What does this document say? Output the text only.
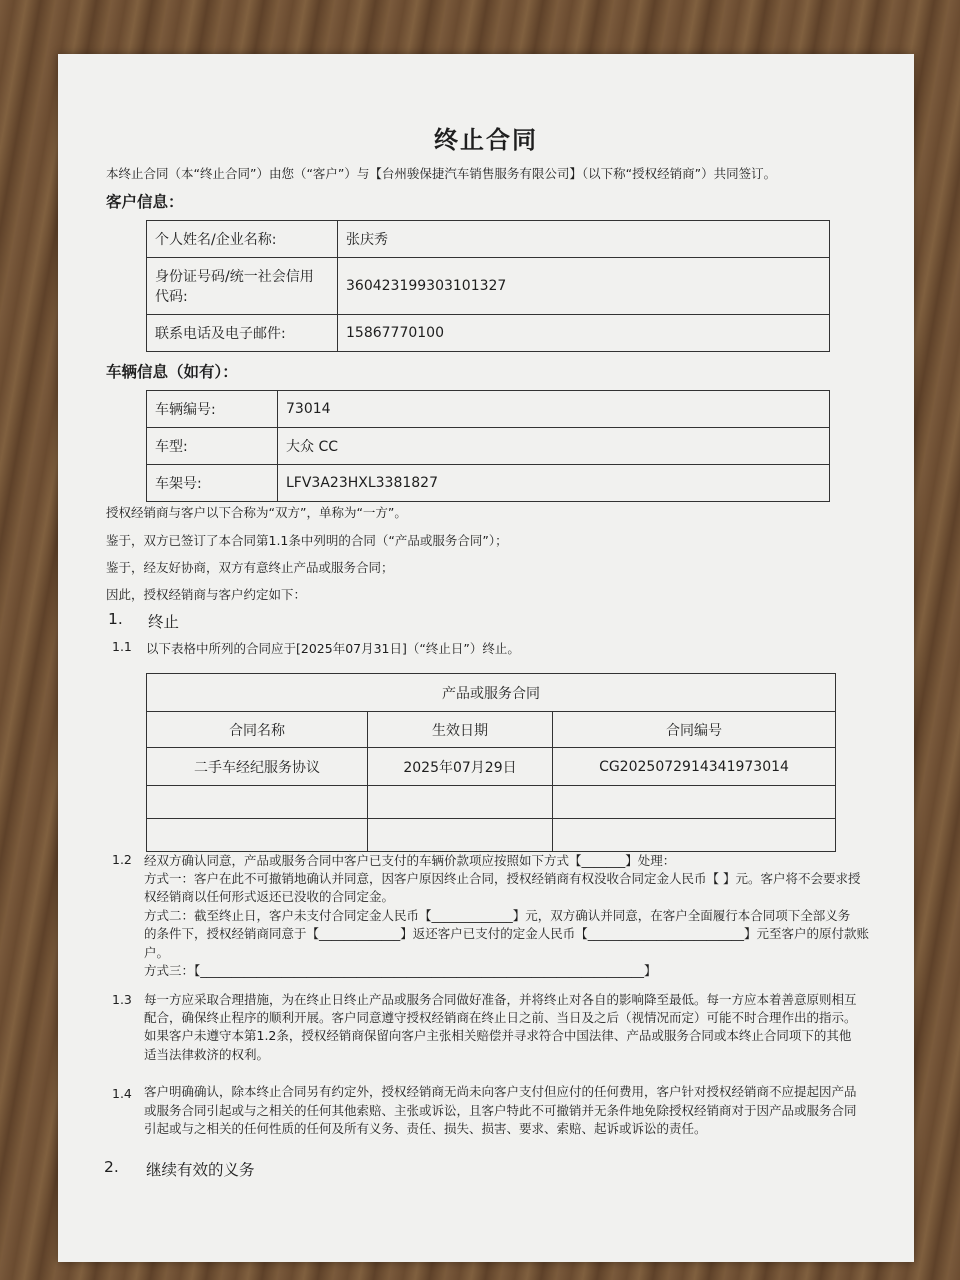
终止合同
本终止合同（本“终止合同”）由您（“客户”）与【台州骏保捷汽车销售服务有限公司】（以下称“授权经销商”）共同签订。
客户信息：
个人姓名/企业名称:	张庆秀

身份证号码/统一社会信用
代码:	360423199303101327
联系电话及电子邮件:	15867770100
车辆信息（如有）：
车辆编号:	73014
车型:	大众 CC
车架号:	LFV3A23HXL3381827
授权经销商与客户以下合称为“双方”，单称为“一方”。
鉴于，双方已签订了本合同第1.1条中列明的合同（“产品或服务合同”）；
鉴于，经友好协商，双方有意终止产品或服务合同；
因此，授权经销商与客户约定如下：
1. 终止
1.1 以下表格中所列的合同应于[2025年07月31日]（“终止日”）终止。
产品或服务合同		
合同名称	生效日期	合同编号
二手车经纪服务协议	2025年07月29日	CG2025072914341973014

1.2 经双方确认同意，产品或服务合同中客户已支付的车辆价款项应按照如下方式【_______】处理：
方式一：客户在此不可撤销地确认并同意，因客户原因终止合同，授权经销商有权没收合同定金人民币【 】元。客户将不会要求授
权经销商以任何形式返还已没收的合同定金。
方式二：截至终止日，客户未支付合同定金人民币【_____________】元，双方确认并同意，在客户全面履行本合同项下全部义务
的条件下，授权经销商同意于【_____________】返还客户已支付的定金人民币【_________________________】元至客户的原付款账
户。
方式三：【_______________________________________________________________________】
1.3 每一方应采取合理措施，为在终止日终止产品或服务合同做好准备，并将终止对各自的影响降至最低。每一方应本着善意原则相互
配合，确保终止程序的顺利开展。客户同意遵守授权经销商在终止日之前、当日及之后（视情况而定）可能不时合理作出的指示。
如果客户未遵守本第1.2条，授权经销商保留向客户主张相关赔偿并寻求符合中国法律、产品或服务合同或本终止合同项下的其他
适当法律救济的权利。
1.4 客户明确确认，除本终止合同另有约定外，授权经销商无尚未向客户支付但应付的任何费用，客户针对授权经销商不应提起因产品
或服务合同引起或与之相关的任何其他索赔、主张或诉讼，且客户特此不可撤销并无条件地免除授权经销商对于因产品或服务合同
引起或与之相关的任何性质的任何及所有义务、责任、损失、损害、要求、索赔、起诉或诉讼的责任。
2. 继续有效的义务
